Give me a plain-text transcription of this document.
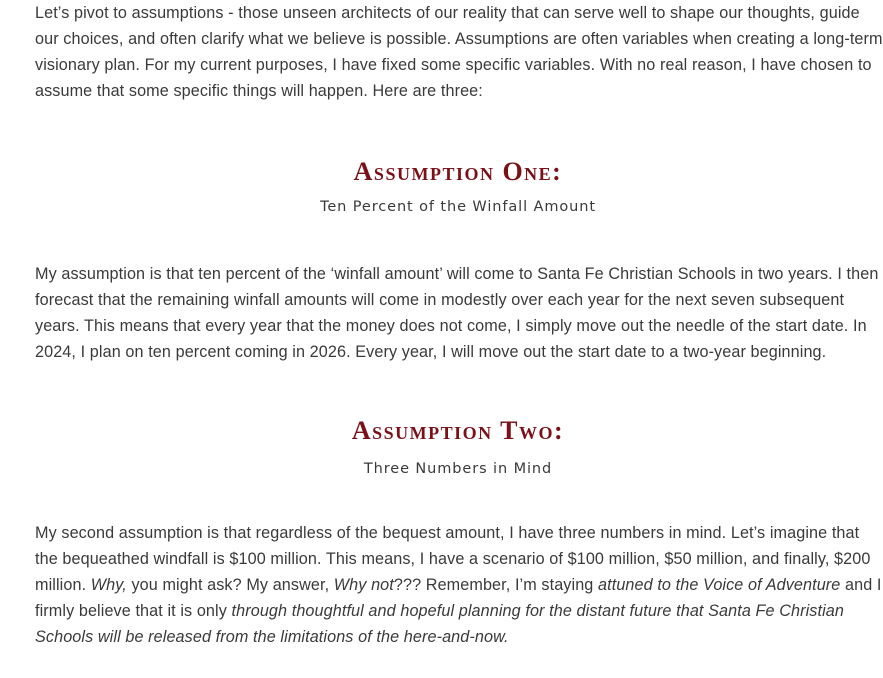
Let’s pivot to assumptions - those unseen architects of our reality that can serve well to shape our thoughts, guide our choices, and often clarify what we believe is possible. Assumptions are often variables when creating a long-term visionary plan. For my current purposes, I have fixed some specific variables. With no real reason, I have chosen to assume that some specific things will happen. Here are three:

Assumption One:
Ten Percent of the Winfall Amount

My assumption is that ten percent of the ‘winfall amount’ will come to Santa Fe Christian Schools in two years. I then forecast that the remaining winfall amounts will come in modestly over each year for the next seven subsequent years. This means that every year that the money does not come, I simply move out the needle of the start date. In 2024, I plan on ten percent coming in 2026. Every year, I will move out the start date to a two-year beginning.

Assumption Two:
Three Numbers in Mind

My second assumption is that regardless of the bequest amount, I have three numbers in mind. Let’s imagine that the bequeathed windfall is $100 million. This means, I have a scenario of $100 million, $50 million, and finally, $200 million. Why, you might ask? My answer, Why not??? Remember, I’m staying attuned to the Voice of Adventure and I firmly believe that it is only through thoughtful and hopeful planning for the distant future that Santa Fe Christian Schools will be released from the limitations of the here-and-now.
